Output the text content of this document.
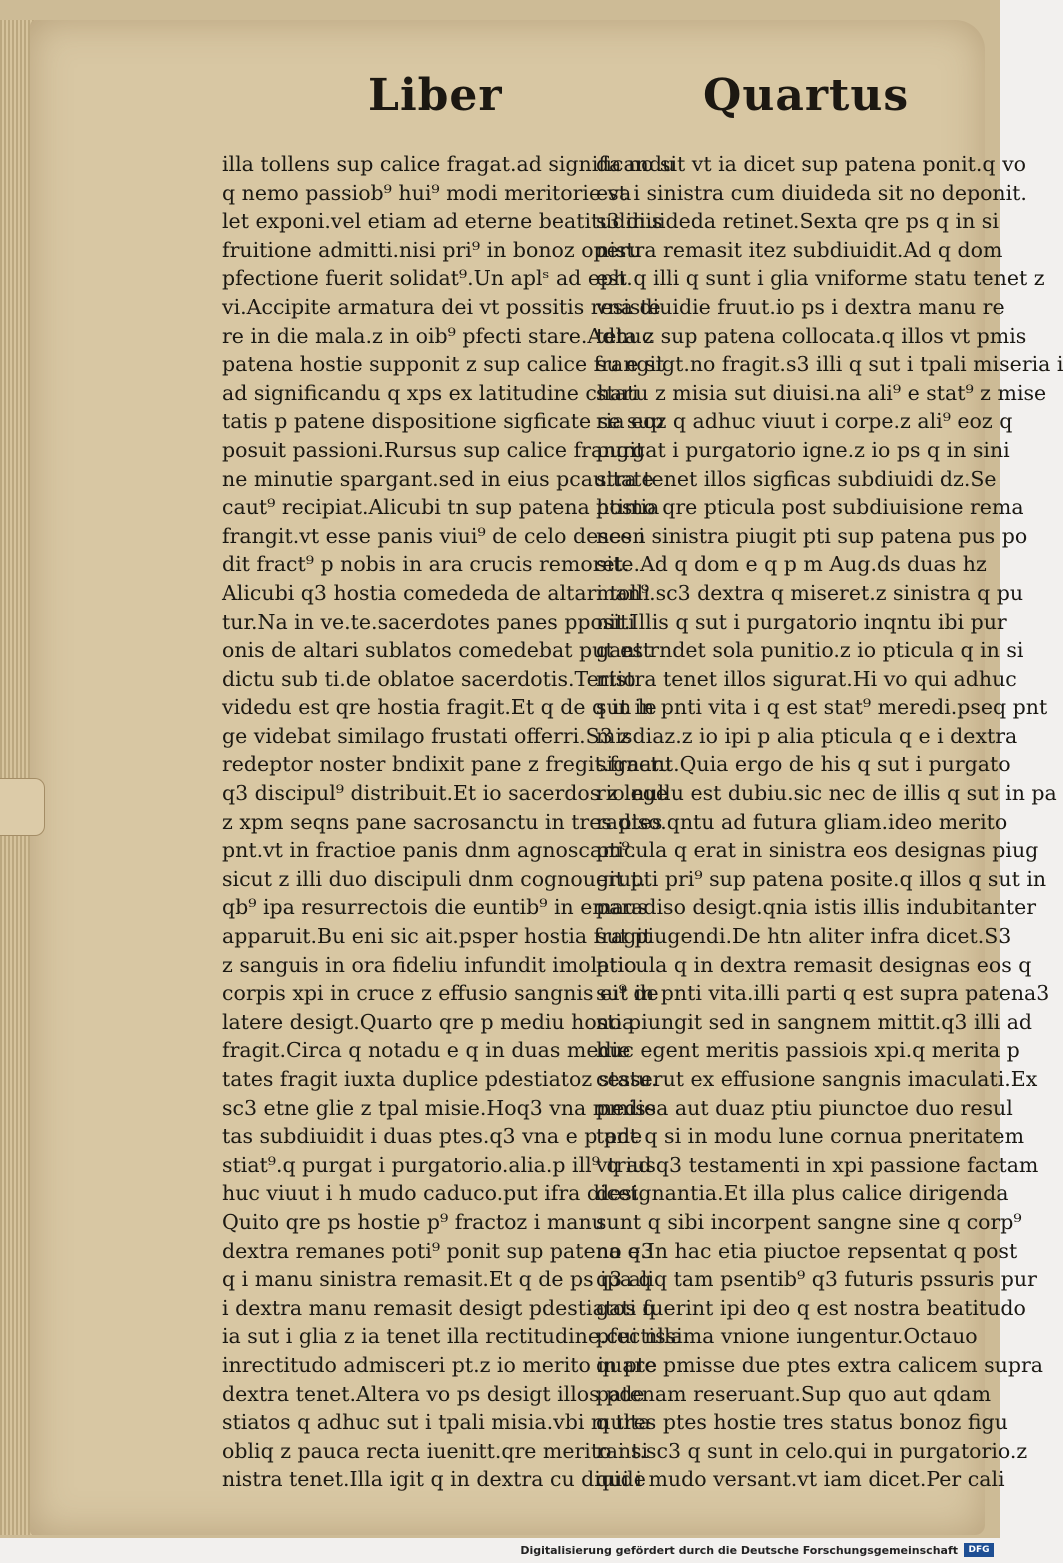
Liber	Quartus
illa tollens sup calice fragat.ad significandu
q nemo passiob⁹ hui⁹ modi meritorie va
let exponi.vel etiam ad eterne beatitudinis
fruitione admitti.nisi pri⁹ in bonoz operu
pfectione fuerit solidat⁹.Un aplˢ ad eph.
vi.Accipite armatura dei vt possitis resiste
re in die mala.z in oib⁹ pfecti stare.Adhuc
patena hostie supponit z sup calice frangit
ad significandu q xps ex latitudine chari
tatis p patene dispositione sigficate se sup
posuit passioni.Rursus sup calice frangit
ne minutie spargant.sed in eius pcauitate
caut⁹ recipiat.Alicubi tn sup patena hostia
frangit.vt esse panis viui⁹ de celo descen
dit fract⁹ p nobis in ara crucis remoret.
Alicubi q3 hostia comededa de altari tolli
tur.Na in ve.te.sacerdotes panes ppositi
onis de altari sublatos comedebat put est
dictu sub ti.de oblatoe sacerdotis.Tertio
videdu est qre hostia fragit.Et q de q in le
ge videbat similago frustati offerri.S3 z
redeptor noster bndixit pane z fregit.fractu
q3 discipul⁹ distribuit.Et io sacerdos z lege
z xpm seqns pane sacrosanctu in tres ptes
pnt.vt in fractioe panis dnm agnoscam⁹.
sicut z illi duo discipuli dnm cognouerut.
qb⁹ ipa resurrectois die euntib⁹ in emaus
apparuit.Bu eni sic ait.psper hostia fragit
z sanguis in ora fideliu infundit imolatio
corpis xpi in cruce z effusio sangnis ei⁹ de
latere desigt.Quarto qre p mediu hostia
fragit.Circa q notadu e q in duas medie
tates fragit iuxta duplice pdestiatoz statu.
sc3 etne glie z tpal misie.Hoq3 vna medie
tas subdiuidit i duas ptes.q3 vna e p pde
stiat⁹.q purgat i purgatorio.alia.p ill⁹ q ad
huc viuut i h mudo caduco.put ifra dicet.
Quito qre ps hostie p⁹ fractoz i manu
dextra remanes poti⁹ ponit sup patena q3
q i manu sinistra remasit.Et q de ps ipa q
i dextra manu remasit desigt pdestiatos q
ia sut i glia z ia tenet illa rectitudine.cui nlla
inrectitudo admisceri pt.z io merito in pte
dextra tenet.Altera vo ps desigt illos pde
stiatos q adhuc sut i tpali misia.vbi multa
obliq z pauca recta iuenitt.qre merito i si
nistra tenet.Illa igit q in dextra cu diuide
da no sit vt ia dicet sup patena ponit.q vo
est i sinistra cum diuideda sit no deponit.
s3 diuideda retinet.Sexta qre ps q in si
nistra remasit itez subdiuidit.Ad q dom
est q illi q sunt i glia vniforme statu tenet z
vna diuidie fruut.io ps i dextra manu re
teta z sup patena collocata.q illos vt pmis
su e sigt.no fragit.s3 illi q sut i tpali miseria i
statu z misia sut diuisi.na ali⁹ e stat⁹ z mise
ria eoz q adhuc viuut i corpe.z ali⁹ eoz q
purgat i purgatorio igne.z io ps q in sini
stra tenet illos sigficas subdiuidi dz.Se
ptimo qre pticula post subdiuisione rema
nes i sinistra piugit pti sup patena pus po
site.Ad q dom e q p m Aug.ds duas hz
man⁹.sc3 dextra q miseret.z sinistra q pu
nit.Illis q sut i purgatorio inqntu ibi pur
gant rndet sola punitio.z io pticula q in si
nistra tenet illos sigurat.Hi vo qui adhuc
sut in pnti vita i q est stat⁹ meredi.pseq pnt
misdiaz.z io ipi p alia pticula q e i dextra
signant.Quia ergo de his q sut i purgato
rio nullu est dubiu.sic nec de illis q sut in pa
radiso.qntu ad futura gliam.ideo merito
pticula q erat in sinistra eos designas piug
git pti pri⁹ sup patena posite.q illos q sut in
paradiso desigt.qnia istis illis indubitanter
sut piugendi.De htn aliter infra dicet.S3
pticula q in dextra remasit designas eos q
sut in pnti vita.illi parti q est supra patena3
no piungit sed in sangnem mittit.q3 illi ad
huc egent meritis passiois xpi.q merita p
cesserut ex effusione sangnis imaculati.Ex
pmissa aut duaz ptiu piunctoe duo resul
tant q si in modu lune cornua pneritatem
vtriusq3 testamenti in xpi passione factam
designantia.Et illa plus calice dirigenda
sunt q sibi incorpent sangne sine q corp⁹
no e.In hac etia piuctoe repsentat q post
q3 aliq tam psentib⁹ q3 futuris pssuris pur
gati fuerint ipi deo q est nostra beatitudo
pfectissima vnione iungentur.Octauo
quare pmisse due ptes extra calicem supra
patenam reseruant.Sup quo aut qdam
q tres ptes hostie tres status bonoz figu
rant.sc3 q sunt in celo.qui in purgatorio.z
qui i mudo versant.vt iam dicet.Per cali
Digitalisierung gefördert durch die Deutsche Forschungsgemeinschaft	DFG
